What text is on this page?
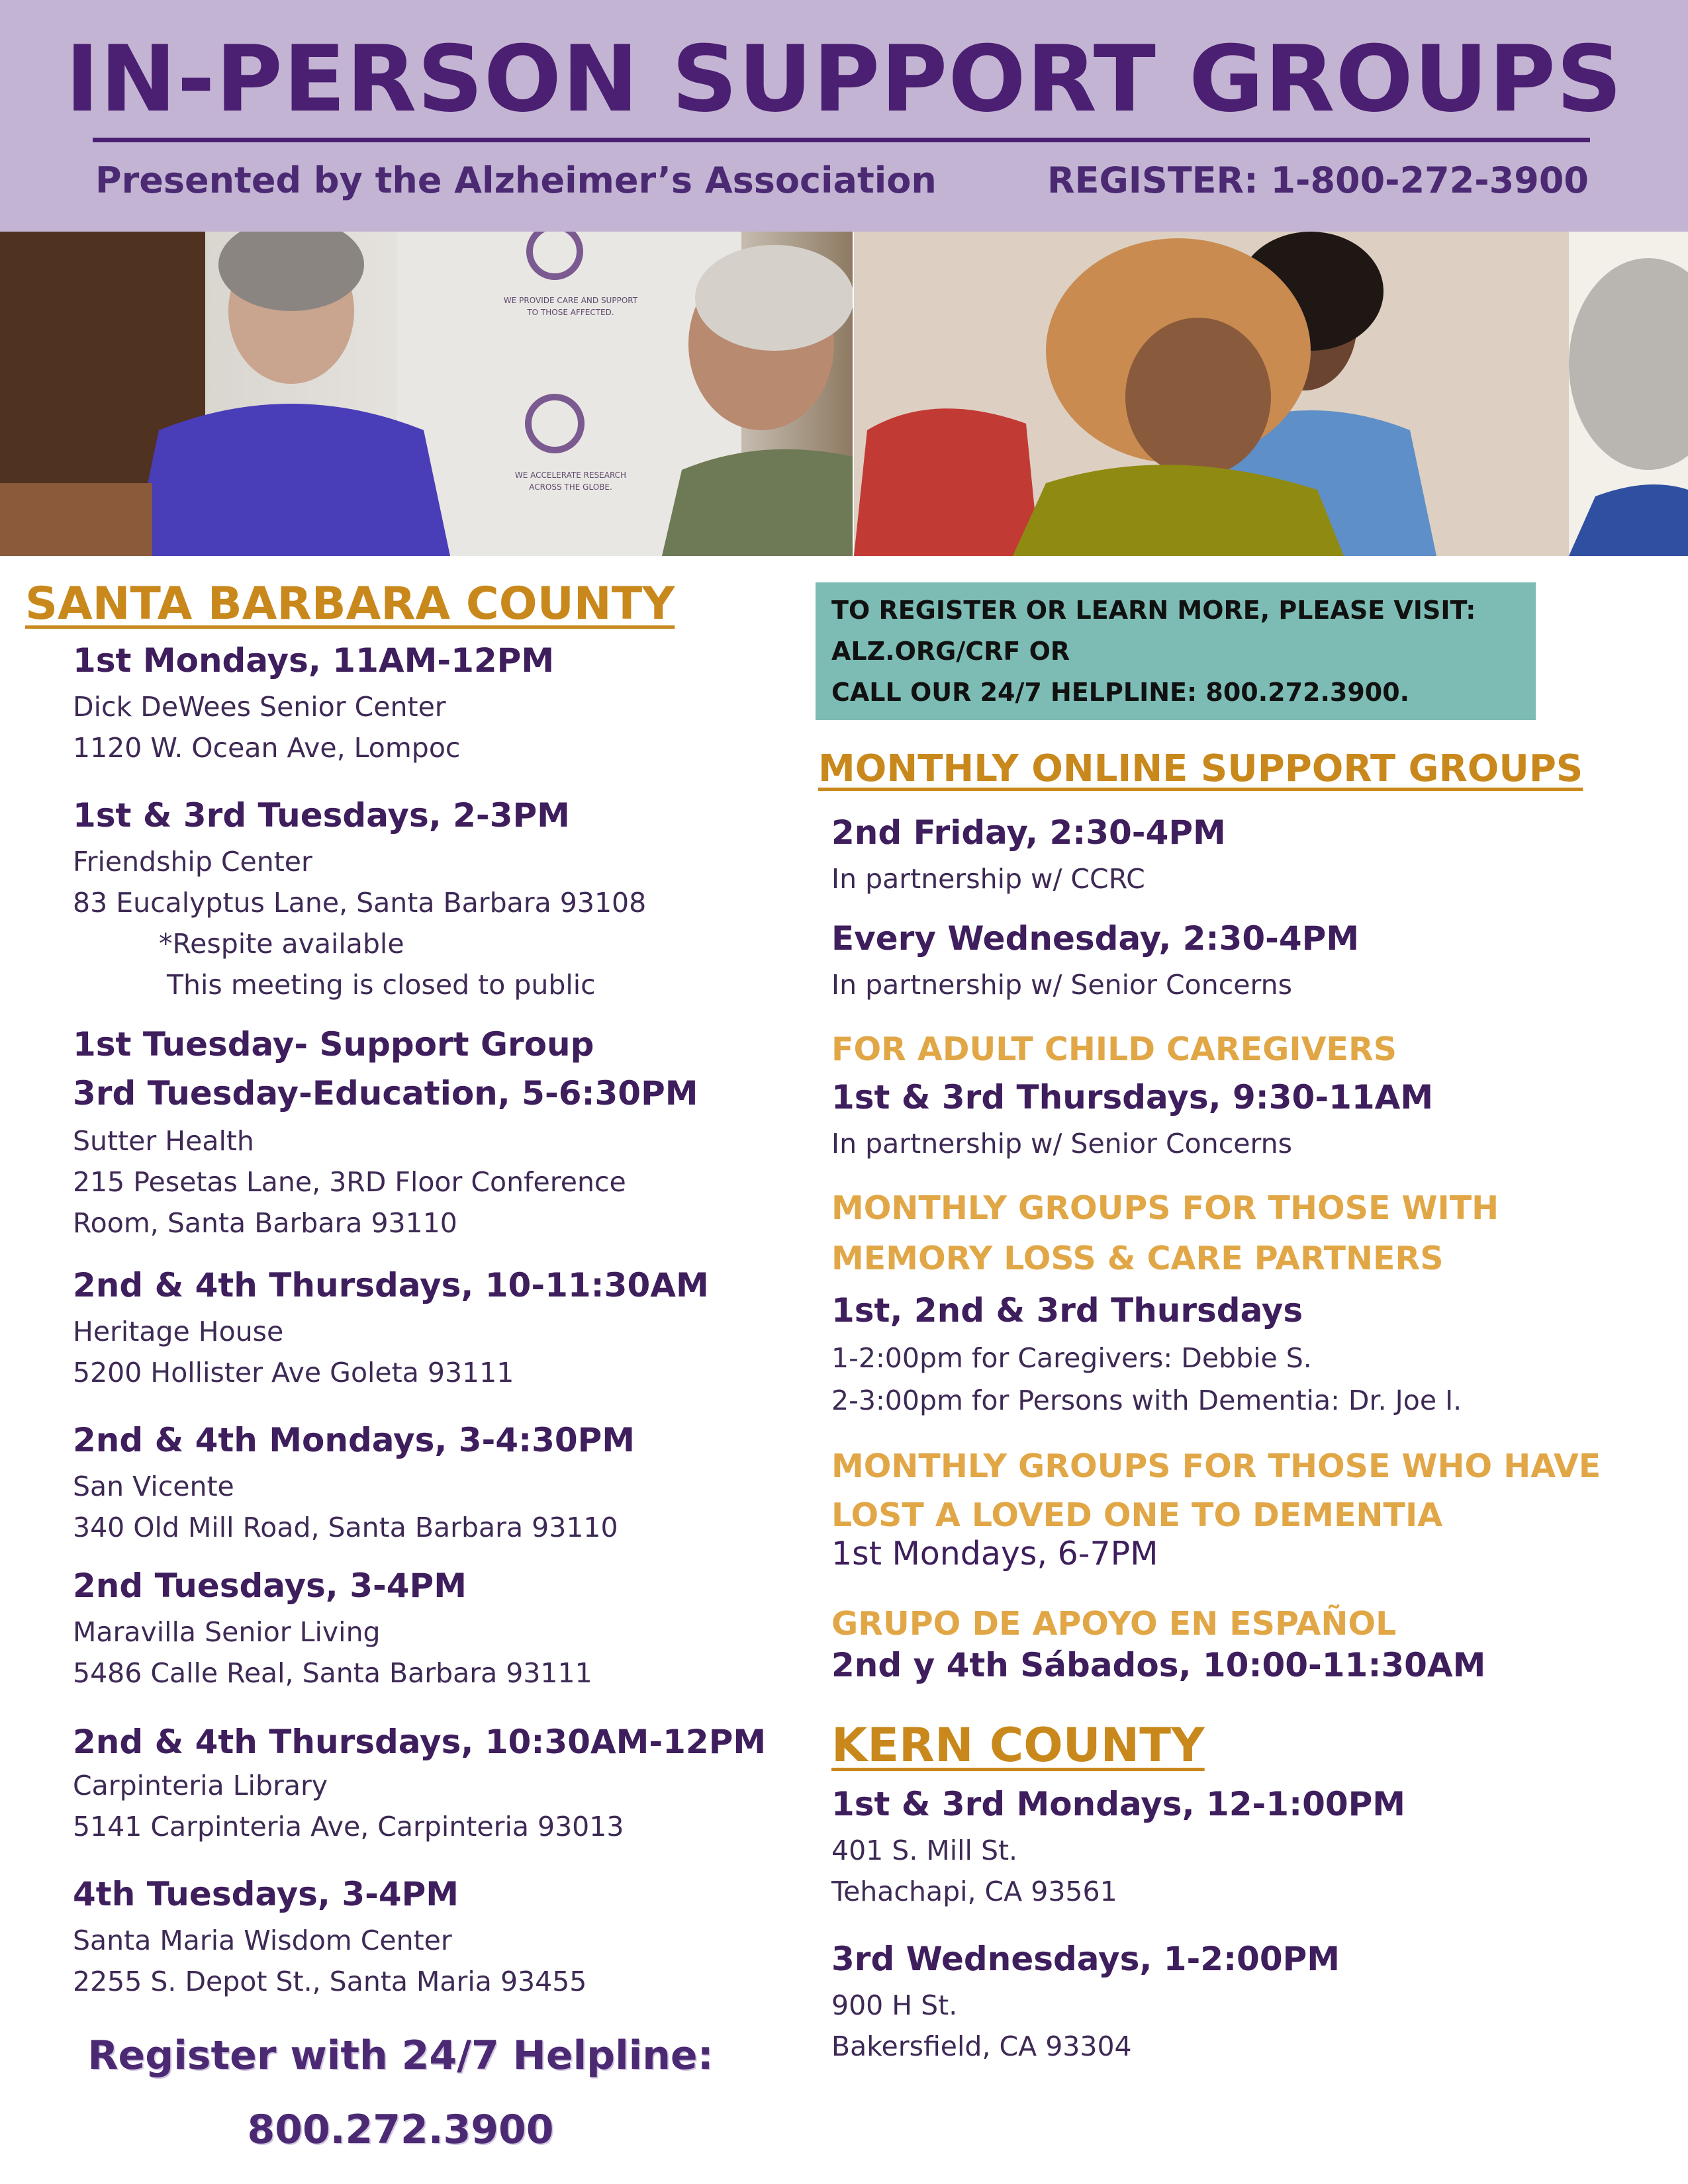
IN-PERSON SUPPORT GROUPS
Presented by the Alzheimer’s Association	REGISTER: 1-800-272-3900
WE PROVIDE CARE AND SUPPORT
TO THOSE AFFECTED.
WE ACCELERATE RESEARCH
ACROSS THE GLOBE.
SANTA BARBARA COUNTY
1st Mondays, 11AM-12PM
Dick DeWees Senior Center
1120 W. Ocean Ave, Lompoc
1st & 3rd Tuesdays, 2-3PM
Friendship Center
83 Eucalyptus Lane, Santa Barbara 93108
*Respite available
This meeting is closed to public
1st Tuesday- Support Group
3rd Tuesday-Education, 5-6:30PM
Sutter Health
215 Pesetas Lane, 3RD Floor Conference
Room, Santa Barbara 93110
2nd & 4th Thursdays, 10-11:30AM
Heritage House
5200 Hollister Ave Goleta 93111
2nd & 4th Mondays, 3-4:30PM
San Vicente
340 Old Mill Road, Santa Barbara 93110
2nd Tuesdays, 3-4PM
Maravilla Senior Living
5486 Calle Real, Santa Barbara 93111
2nd & 4th Thursdays, 10:30AM-12PM
Carpinteria Library
5141 Carpinteria Ave, Carpinteria 93013
4th Tuesdays, 3-4PM
Santa Maria Wisdom Center
2255 S. Depot St., Santa Maria 93455
Register with 24/7 Helpline:
800.272.3900
TO REGISTER OR LEARN MORE, PLEASE VISIT:
ALZ.ORG/CRF OR
CALL OUR 24/7 HELPLINE: 800.272.3900.
MONTHLY ONLINE SUPPORT GROUPS
2nd Friday, 2:30-4PM
In partnership w/ CCRC
Every Wednesday, 2:30-4PM
In partnership w/ Senior Concerns
FOR ADULT CHILD CAREGIVERS
1st & 3rd Thursdays, 9:30-11AM
In partnership w/ Senior Concerns
MONTHLY GROUPS FOR THOSE WITH
MEMORY LOSS & CARE PARTNERS
1st, 2nd & 3rd Thursdays
1-2:00pm for Caregivers: Debbie S.
2-3:00pm for Persons with Dementia: Dr. Joe I.
MONTHLY GROUPS FOR THOSE WHO HAVE
LOST A LOVED ONE TO DEMENTIA
1st Mondays, 6-7PM
GRUPO DE APOYO EN ESPAÑOL
2nd y 4th Sábados, 10:00-11:30AM
KERN COUNTY
1st & 3rd Mondays, 12-1:00PM
401 S. Mill St.
Tehachapi, CA 93561
3rd Wednesdays, 1-2:00PM
900 H St.
Bakersfield, CA 93304
